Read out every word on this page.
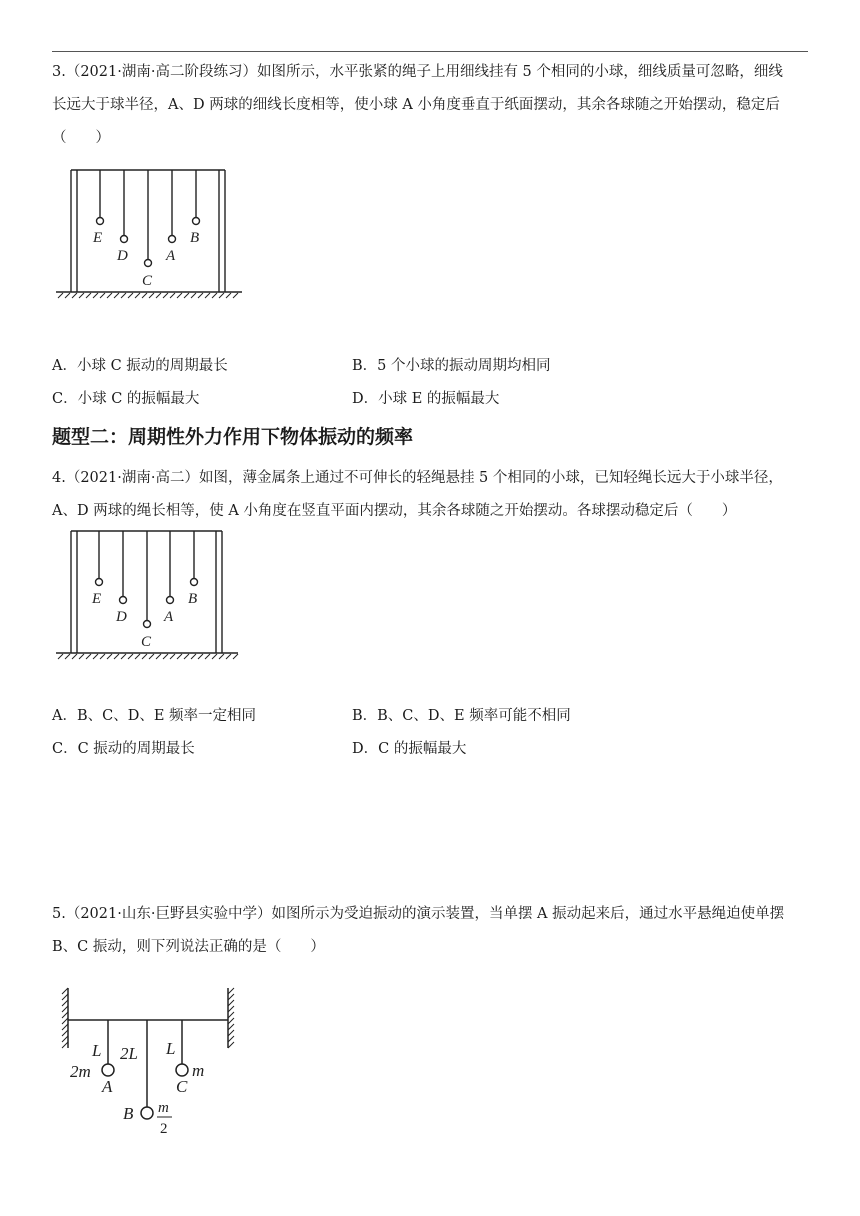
3.（2021·湖南·高二阶段练习）如图所示，水平张紧的绳子上用细线挂有 5 个相同的小球，细线质量可忽略，细线

长远大于球半径，A、D 两球的细线长度相等，使小球 A 小角度垂直于纸面摆动，其余各球随之开始摆动，稳定后

（　　）

E
D
C
A
B
A．小球 C 振动的周期最长	B．5 个小球的振动周期均相同
C．小球 C 的振幅最大	D．小球 E 的振幅最大
题型二：周期性外力作用下物体振动的频率

4.（2021·湖南·高二）如图，薄金属条上通过不可伸长的轻绳悬挂 5 个相同的小球，已知轻绳长远大于小球半径，

A、D 两球的绳长相等，使 A 小角度在竖直平面内摆动，其余各球随之开始摆动。各球摆动稳定后（　　）

E
D
C
A
B
A．B、C、D、E 频率一定相同	B．B、C、D、E 频率可能不相同
C．C 振动的周期最长	D．C 的振幅最大

5.（2021·山东·巨野县实验中学）如图所示为受迫振动的演示装置，当单摆 A 振动起来后，通过水平悬绳迫使单摆

B、C 振动，则下列说法正确的是（　　）

L 2L L
2m	m
A	C
B m
2
